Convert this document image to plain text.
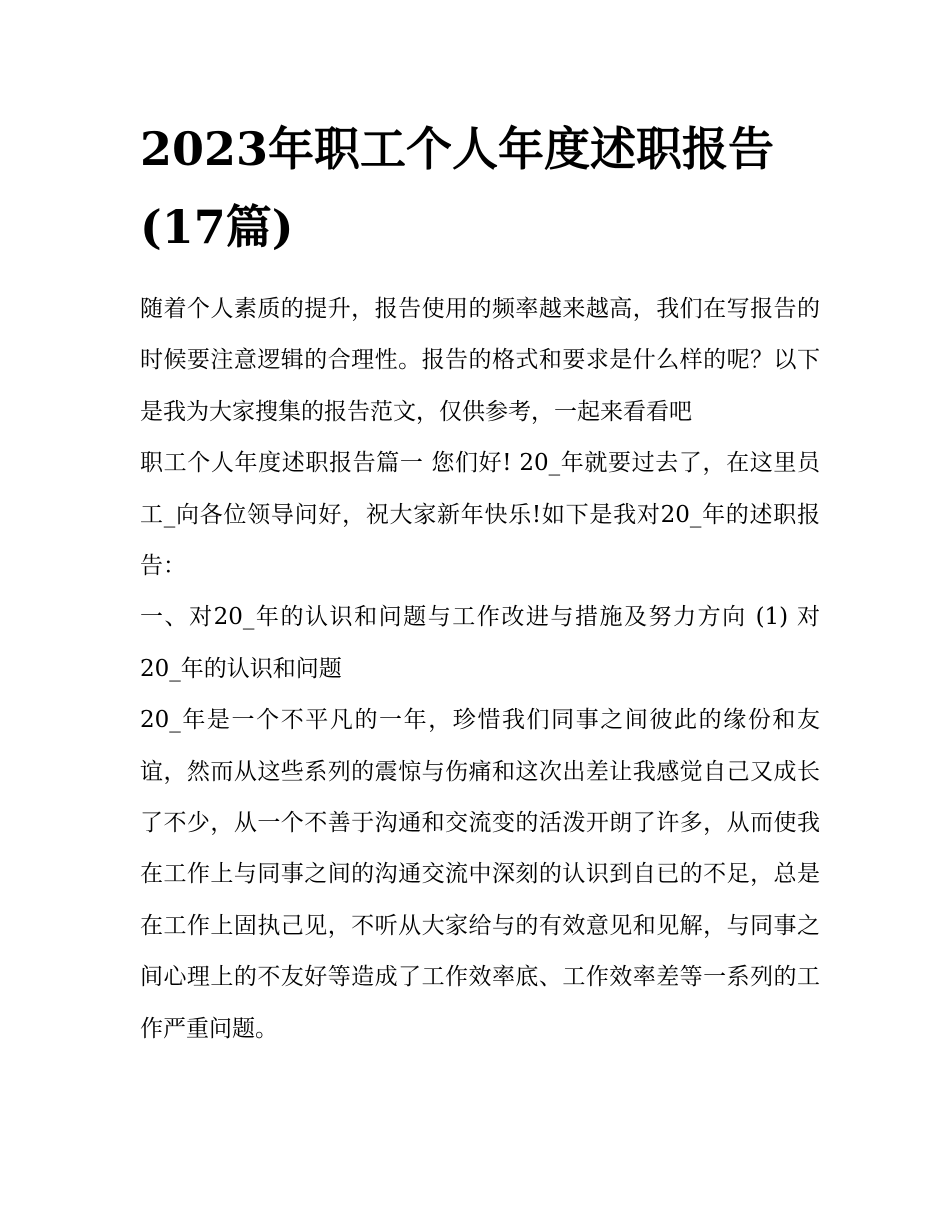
2023年职工个人年度述职报告(17篇)

随着个人素质的提升，报告使用的频率越来越高，我们在写报告的时候要注意逻辑的合理性。报告的格式和要求是什么样的呢？以下是我为大家搜集的报告范文，仅供参考，一起来看看吧

职工个人年度述职报告篇一 您们好! 20_年就要过去了，在这里员工_向各位领导问好，祝大家新年快乐!如下是我对20_年的述职报告：

一、对20_年的认识和问题与工作改进与措施及努力方向 (1) 对20_年的认识和问题

20_年是一个不平凡的一年，珍惜我们同事之间彼此的缘份和友谊，然而从这些系列的震惊与伤痛和这次出差让我感觉自己又成长了不少，从一个不善于沟通和交流变的活泼开朗了许多，从而使我在工作上与同事之间的沟通交流中深刻的认识到自已的不足，总是在工作上固执己见，不听从大家给与的有效意见和见解，与同事之间心理上的不友好等造成了工作效率底、工作效率差等一系列的工作严重问题。
